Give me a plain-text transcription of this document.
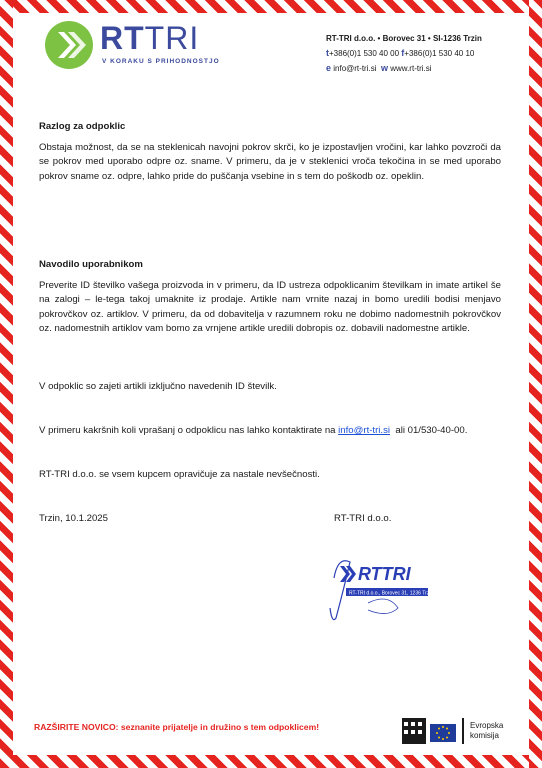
RTTRI
V KORAKU S PRIHODNOSTJO
RT-TRI d.o.o. • Borovec 31 • SI-1236 Trzin
t+386(0)1 530 40 00 f+386(0)1 530 40 10
e info@rt-tri.si w www.rt-tri.si
Razlog za odpoklic
Obstaja možnost, da se na steklenicah navojni pokrov skrči, ko je izpostavljen vročini, kar lahko povzroči da se pokrov med uporabo odpre oz. sname. V primeru, da je v steklenici vroča tekočina in se med uporabo pokrov sname oz. odpre, lahko pride do puščanja vsebine in s tem do poškodb oz. opeklin.
Navodilo uporabnikom
Preverite ID številko vašega proizvoda in v primeru, da ID ustreza odpoklicanim številkam in imate artikel še na zalogi – le-tega takoj umaknite iz prodaje. Artikle nam vrnite nazaj in bomo uredili bodisi menjavo pokrovčkov oz. artiklov. V primeru, da od dobavitelja v razumnem roku ne dobimo nadomestnih pokrovčkov oz. nadomestnih artiklov vam bomo za vrnjene artikle uredili dobropis oz. dobavili nadomestne artikle.
V odpoklic so zajeti artikli izključno navedenih ID številk.
V primeru kakršnih koli vprašanj o odpoklicu nas lahko kontaktirate na info@rt-tri.si ali 01/530-40-00.
RT-TRI d.o.o. se vsem kupcem opravičuje za nastale nevšečnosti.
Trzin, 10.1.2025	RT-TRI d.o.o.
RTTRI
RT-TRI d.o.o., Borovec 31, 1236 Trzin
RAZŠIRITE NOVICO: seznanite prijatelje in družino s tem odpoklicem!	Evropska
komisija
